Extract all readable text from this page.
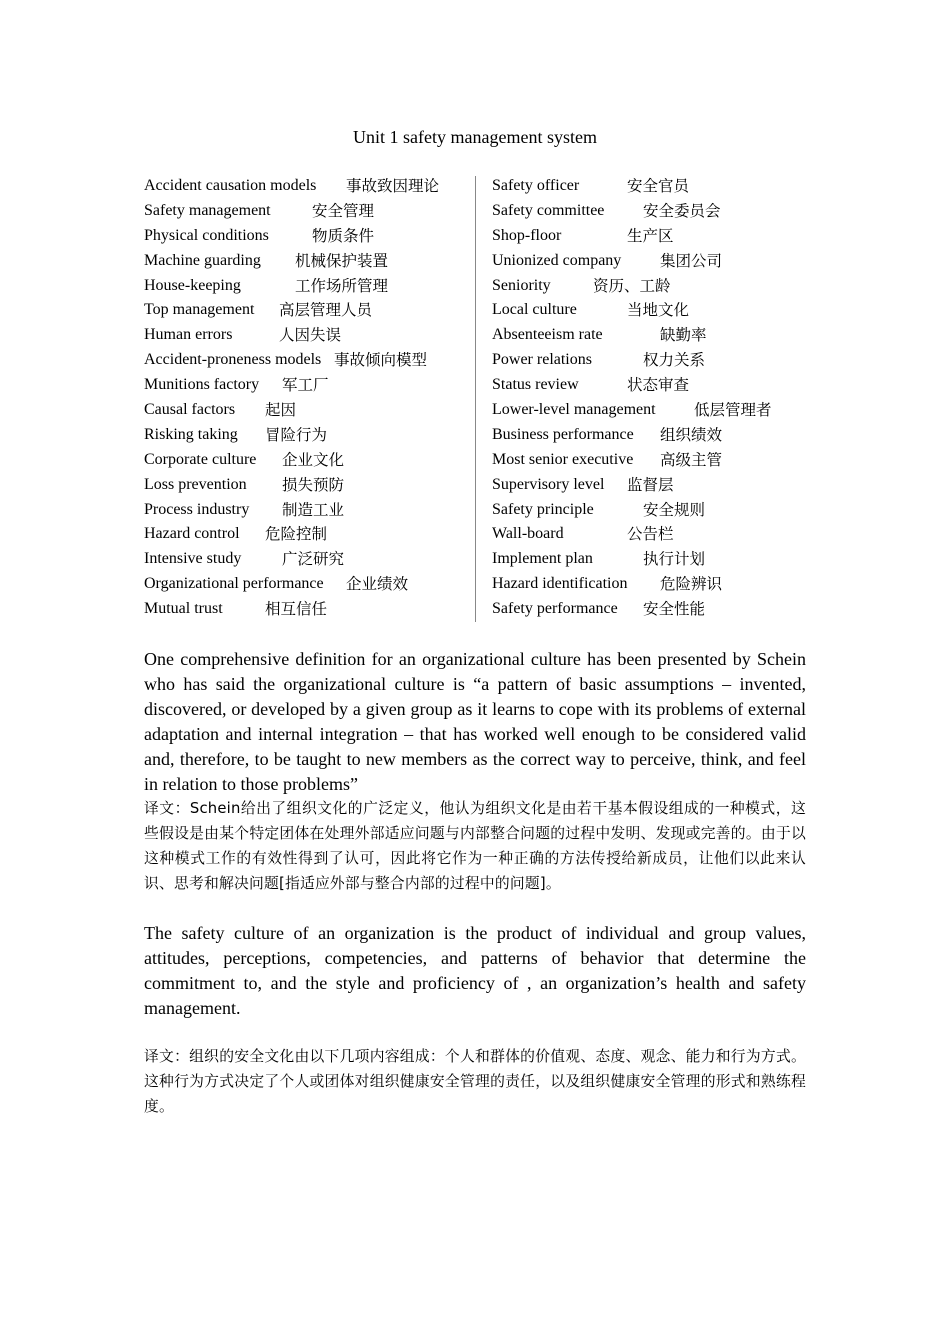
Unit 1 safety management system
Accident causation models 事故致因理论
Safety management	安全管理
Physical conditions	物质条件
Machine guarding 机械保护装置
House-keeping	工作场所管理
Top management 高层管理人员
Human errors	人因失误
Accident-proneness models 事故倾向模型
Munitions factory 军工厂
Causal factors 起因
Risking taking 冒险行为
Corporate culture 企业文化
Loss prevention 损失预防
Process industry 制造工业
Hazard control 危险控制
Intensive study	广泛研究
Organizational performance 企业绩效
Mutual trust	相互信任
Safety officer	安全官员
Safety committee 安全委员会
Shop-floor	生产区
Unionized company 集团公司
Seniority	资历、工龄
Local culture	当地文化
Absenteeism rate	缺勤率
Power relations	权力关系
Status review	状态审查
Lower-level management 低层管理者
Business performance 组织绩效
Most senior executive 高级主管
Supervisory level 监督层
Safety principle	安全规则
Wall-board	公告栏
Implement plan	执行计划
Hazard identification 危险辨识
Safety performance 安全性能

One comprehensive definition for an organizational culture has been presented by Schein who has said the organizational culture is “a pattern of basic assumptions – invented, discovered, or developed by a given group as it learns to cope with its problems of external adaptation and internal integration – that has worked well enough to be considered valid and, therefore, to be taught to new members as the correct way to perceive, think, and feel in relation to those problems”

译文：Schein给出了组织文化的广泛定义，他认为组织文化是由若干基本假设组成的一种模式，这些假设是由某个特定团体在处理外部适应问题与内部整合问题的过程中发明、发现或完善的。由于以这种模式工作的有效性得到了认可，因此将它作为一种正确的方法传授给新成员，让他们以此来认识、思考和解决问题[指适应外部与整合内部的过程中的问题]。

The safety culture of an organization is the product of individual and group values, attitudes, perceptions, competencies, and patterns of behavior that determine the commitment to, and the style and proficiency of , an organization’s health and safety management.

译文：组织的安全文化由以下几项内容组成：个人和群体的价值观、态度、观念、能力和行为方式。这种行为方式决定了个人或团体对组织健康安全管理的责任，以及组织健康安全管理的形式和熟练程度。
